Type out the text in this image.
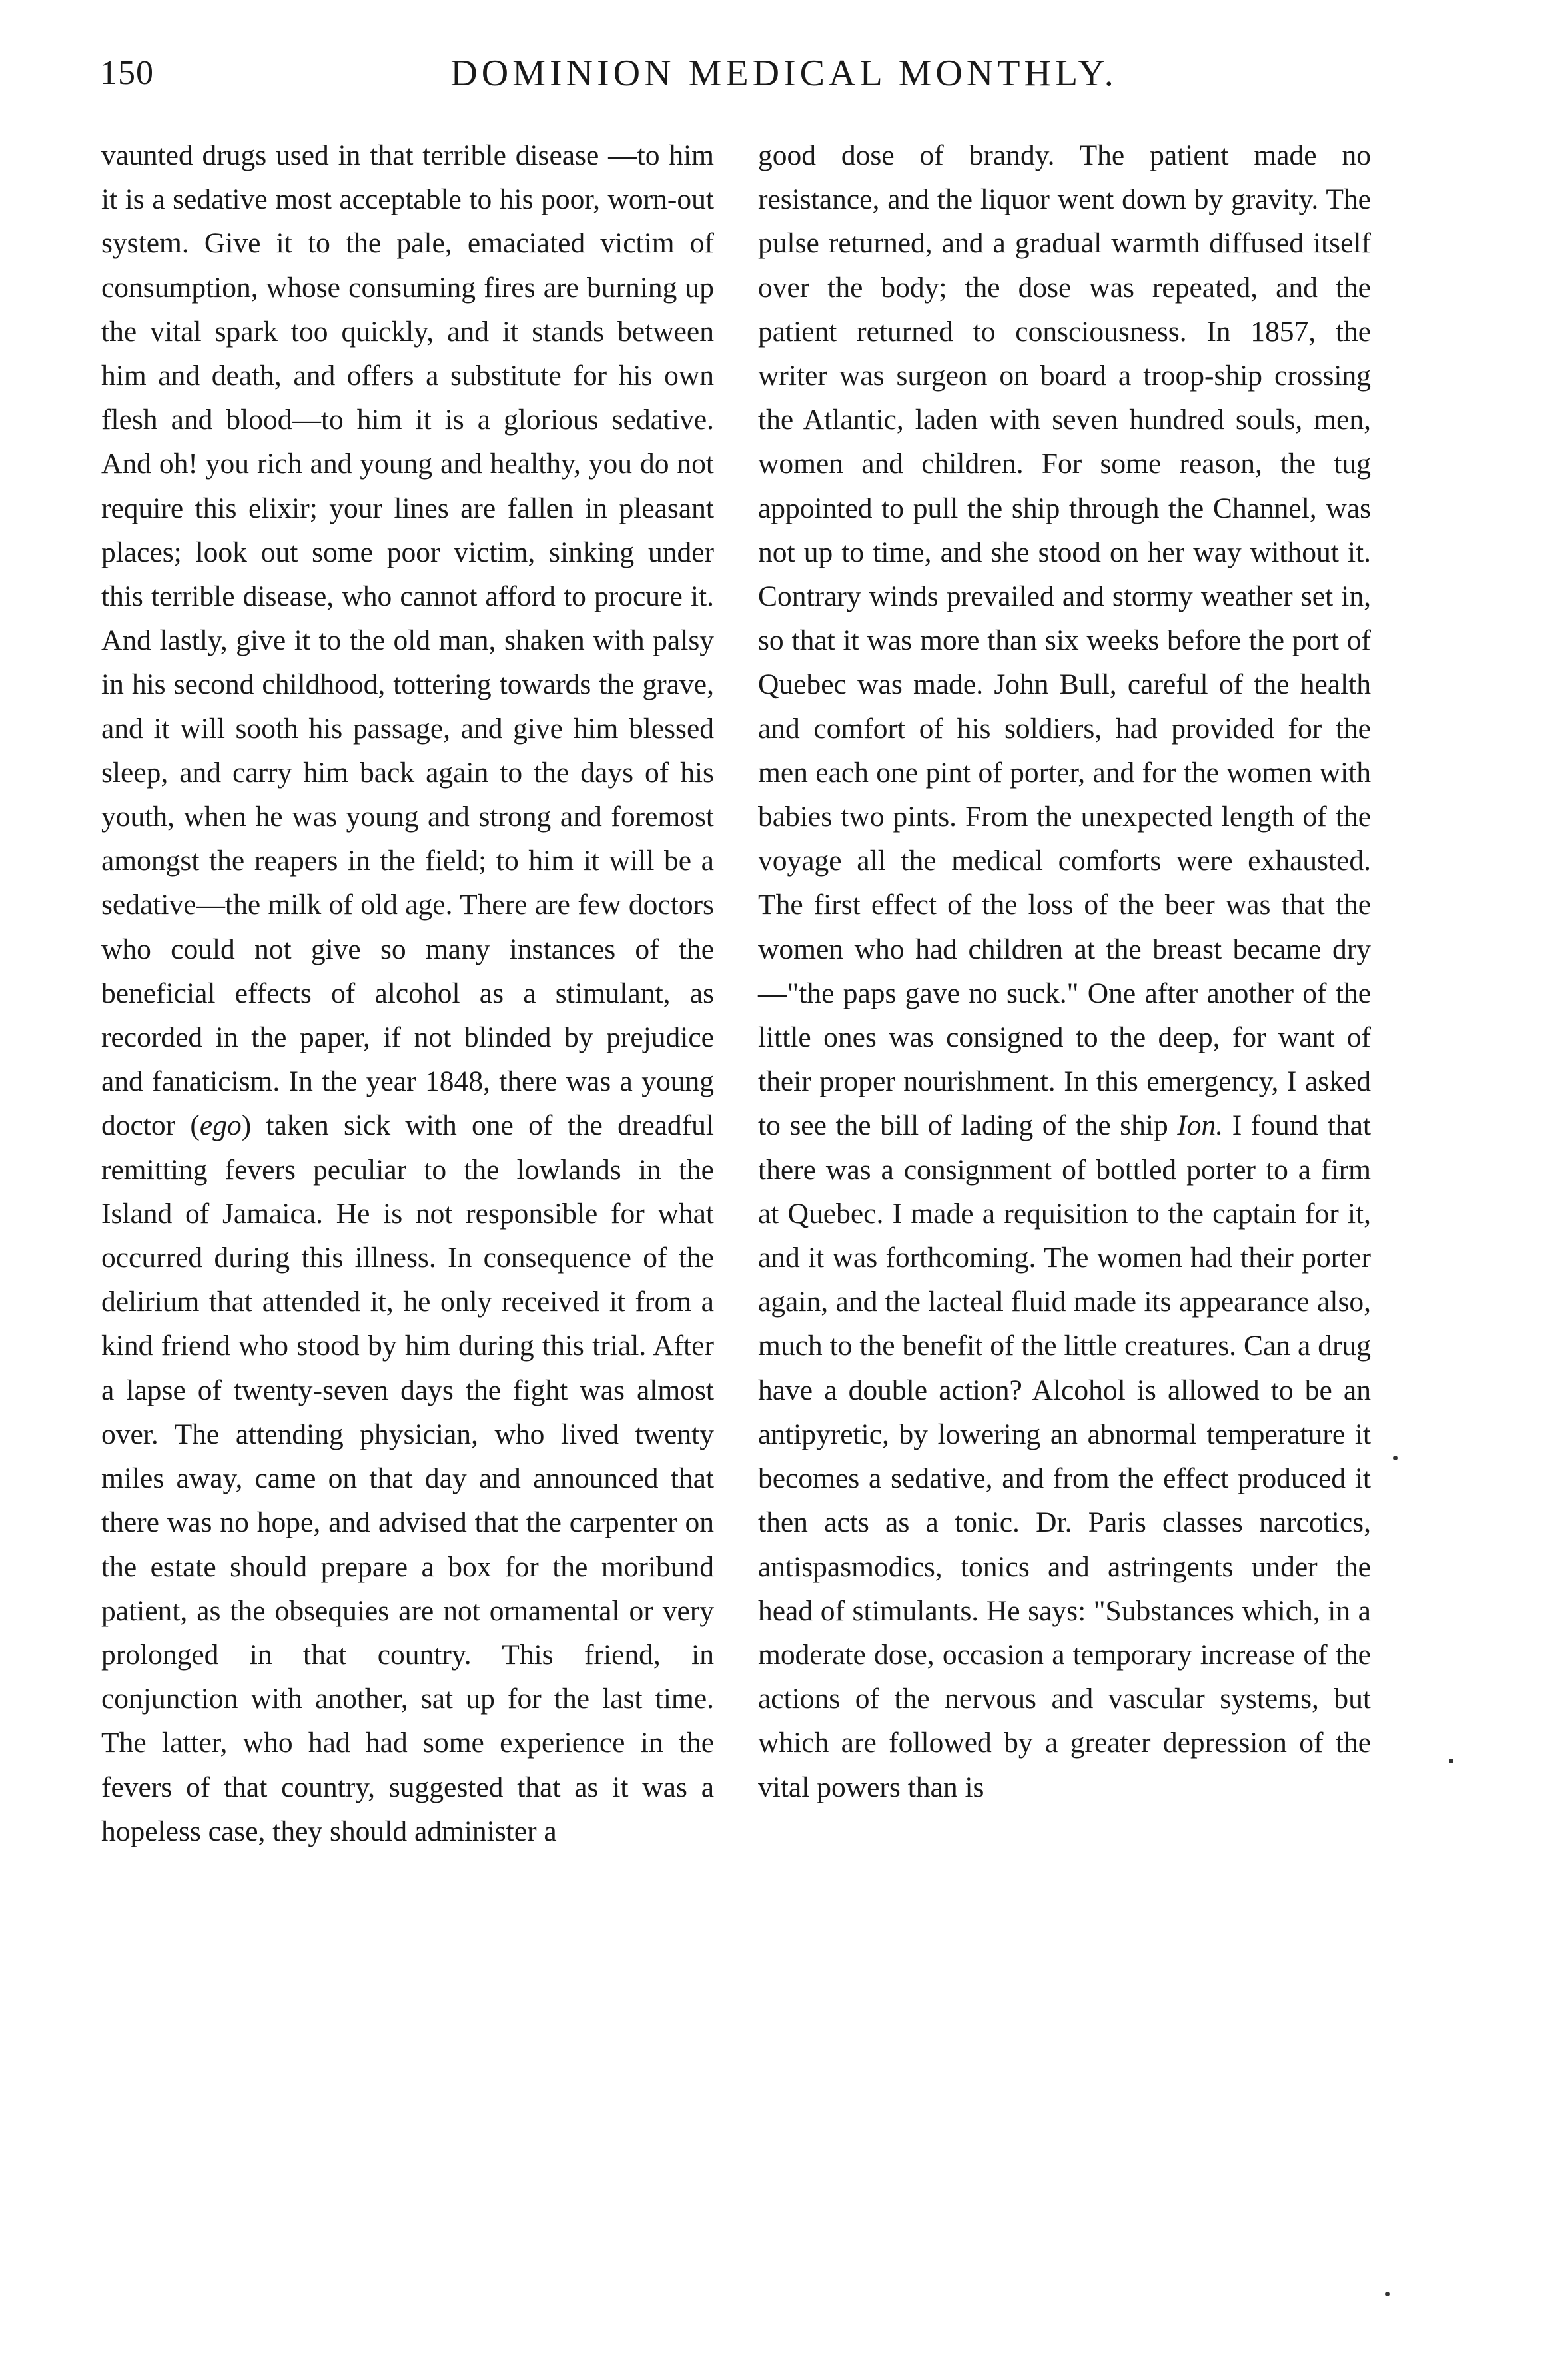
150	DOMINION MEDICAL MONTHLY.

vaunted drugs used in that terrible disease —to him it is a sedative most acceptable to his poor, worn-out system. Give it to the pale, emaciated victim of consumption, whose consuming fires are burning up the vital spark too quickly, and it stands between him and death, and offers a substitute for his own flesh and blood—to him it is a glorious sedative. And oh! you rich and young and healthy, you do not require this elixir; your lines are fallen in pleasant places; look out some poor victim, sinking under this terrible disease, who cannot afford to procure it. And lastly, give it to the old man, shaken with palsy in his second childhood, tottering towards the grave, and it will sooth his passage, and give him blessed sleep, and carry him back again to the days of his youth, when he was young and strong and foremost amongst the reapers in the field; to him it will be a sedative—the milk of old age. There are few doctors who could not give so many instances of the beneficial effects of alcohol as a stimulant, as recorded in the paper, if not blinded by prejudice and fanaticism. In the year 1848, there was a young doctor (ego) taken sick with one of the dreadful remitting fevers peculiar to the lowlands in the Island of Jamaica. He is not responsible for what occurred during this illness. In consequence of the delirium that attended it, he only received it from a kind friend who stood by him during this trial. After a lapse of twenty-seven days the fight was almost over. The attending physician, who lived twenty miles away, came on that day and announced that there was no hope, and advised that the carpenter on the estate should prepare a box for the moribund patient, as the obsequies are not ornamental or very prolonged in that country. This friend, in conjunction with another, sat up for the last time. The latter, who had had some experience in the fevers of that country, suggested that as it was a hopeless case, they should administer a

good dose of brandy. The patient made no resistance, and the liquor went down by gravity. The pulse returned, and a gradual warmth diffused itself over the body; the dose was repeated, and the patient returned to consciousness. In 1857, the writer was surgeon on board a troop-ship crossing the Atlantic, laden with seven hundred souls, men, women and children. For some reason, the tug appointed to pull the ship through the Channel, was not up to time, and she stood on her way without it. Contrary winds prevailed and stormy weather set in, so that it was more than six weeks before the port of Quebec was made. John Bull, careful of the health and comfort of his soldiers, had provided for the men each one pint of porter, and for the women with babies two pints. From the unexpected length of the voyage all the medical comforts were exhausted. The first effect of the loss of the beer was that the women who had children at the breast became dry—"the paps gave no suck." One after another of the little ones was consigned to the deep, for want of their proper nourishment. In this emergency, I asked to see the bill of lading of the ship Ion. I found that there was a consignment of bottled porter to a firm at Quebec. I made a requisition to the captain for it, and it was forthcoming. The women had their porter again, and the lacteal fluid made its appearance also, much to the benefit of the little creatures. Can a drug have a double action? Alcohol is allowed to be an antipyretic, by lowering an abnormal temperature it becomes a sedative, and from the effect produced it then acts as a tonic. Dr. Paris classes narcotics, antispasmodics, tonics and astringents under the head of stimulants. He says: "Substances which, in a moderate dose, occasion a temporary increase of the actions of the nervous and vascular systems, but which are followed by a greater depression of the vital powers than is
